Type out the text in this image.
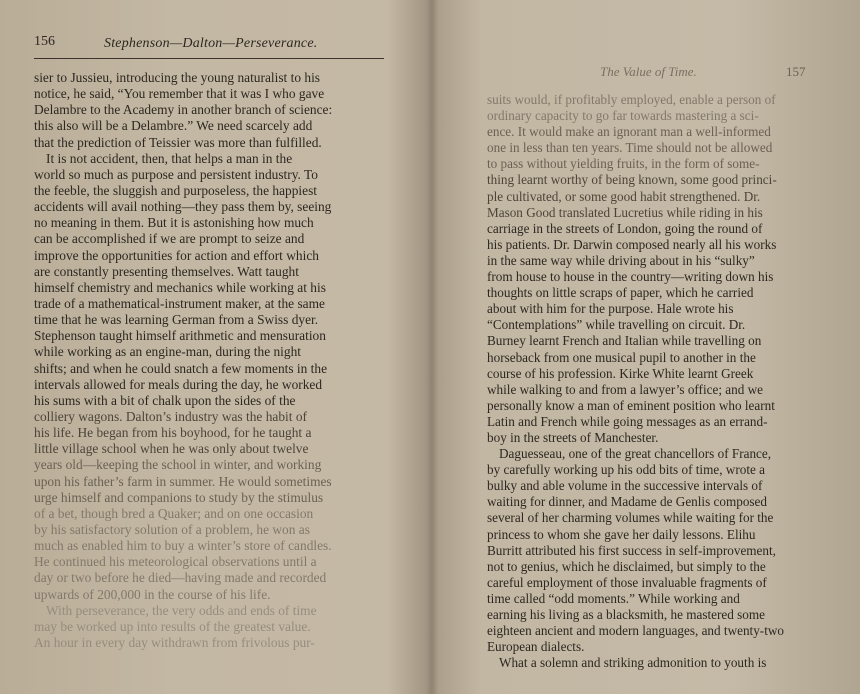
156	Stephenson—Dalton—Perseverance.
sier to Jussieu, introducing the young naturalist to his
notice, he said, “You remember that it was I who gave
Delambre to the Academy in another branch of science:
this also will be a Delambre.” We need scarcely add
that the prediction of Teissier was more than fulfilled.
It is not accident, then, that helps a man in the
world so much as purpose and persistent industry. To
the feeble, the sluggish and purposeless, the happiest
accidents will avail nothing—they pass them by, seeing
no meaning in them. But it is astonishing how much
can be accomplished if we are prompt to seize and
improve the opportunities for action and effort which
are constantly presenting themselves. Watt taught
himself chemistry and mechanics while working at his
trade of a mathematical-instrument maker, at the same
time that he was learning German from a Swiss dyer.
Stephenson taught himself arithmetic and mensuration
while working as an engine-man, during the night
shifts; and when he could snatch a few moments in the
intervals allowed for meals during the day, he worked
his sums with a bit of chalk upon the sides of the
colliery wagons. Dalton’s industry was the habit of
his life. He began from his boyhood, for he taught a
little village school when he was only about twelve
years old—keeping the school in winter, and working
upon his father’s farm in summer. He would sometimes
urge himself and companions to study by the stimulus
of a bet, though bred a Quaker; and on one occasion
by his satisfactory solution of a problem, he won as
much as enabled him to buy a winter’s store of candles.
He continued his meteorological observations until a
day or two before he died—having made and recorded
upwards of 200,000 in the course of his life.
With perseverance, the very odds and ends of time
may be worked up into results of the greatest value.
An hour in every day withdrawn from frivolous pur-
The Value of Time.	157
suits would, if profitably employed, enable a person of
ordinary capacity to go far towards mastering a sci-
ence. It would make an ignorant man a well-informed
one in less than ten years. Time should not be allowed
to pass without yielding fruits, in the form of some-
thing learnt worthy of being known, some good princi-
ple cultivated, or some good habit strengthened. Dr.
Mason Good translated Lucretius while riding in his
carriage in the streets of London, going the round of
his patients. Dr. Darwin composed nearly all his works
in the same way while driving about in his “sulky”
from house to house in the country—writing down his
thoughts on little scraps of paper, which he carried
about with him for the purpose. Hale wrote his
“Contemplations” while travelling on circuit. Dr.
Burney learnt French and Italian while travelling on
horseback from one musical pupil to another in the
course of his profession. Kirke White learnt Greek
while walking to and from a lawyer’s office; and we
personally know a man of eminent position who learnt
Latin and French while going messages as an errand-
boy in the streets of Manchester.
Daguesseau, one of the great chancellors of France,
by carefully working up his odd bits of time, wrote a
bulky and able volume in the successive intervals of
waiting for dinner, and Madame de Genlis composed
several of her charming volumes while waiting for the
princess to whom she gave her daily lessons. Elihu
Burritt attributed his first success in self-improvement,
not to genius, which he disclaimed, but simply to the
careful employment of those invaluable fragments of
time called “odd moments.” While working and
earning his living as a blacksmith, he mastered some
eighteen ancient and modern languages, and twenty-two
European dialects.
What a solemn and striking admonition to youth is
